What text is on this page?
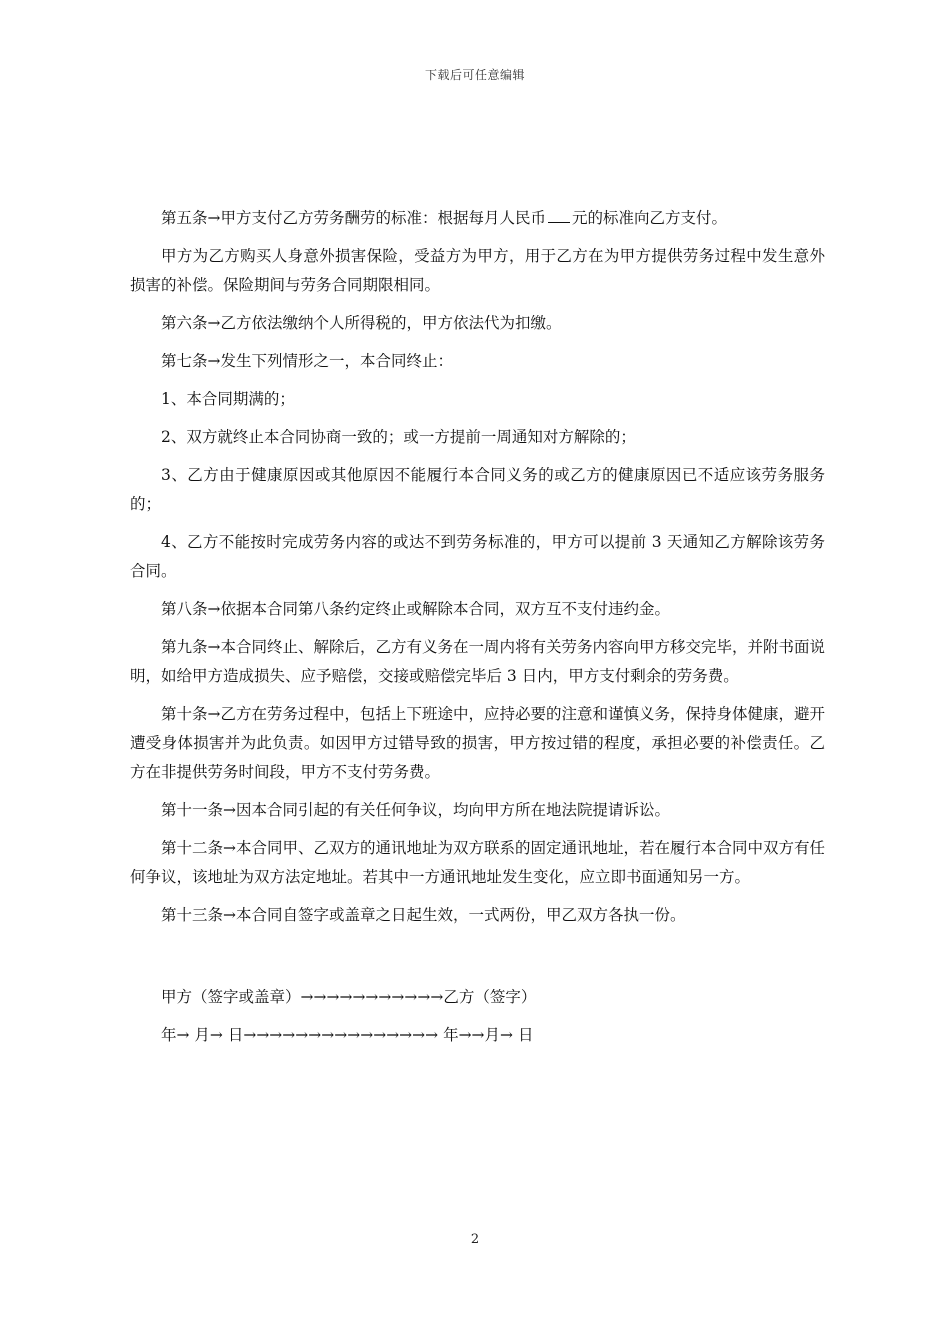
下载后可任意编辑

第五条→甲方支付乙方劳务酬劳的标准：根据每月人民币 元的标准向乙方支付。

甲方为乙方购买人身意外损害保险，受益方为甲方，用于乙方在为甲方提供劳务过程中发生意外损害的补偿。保险期间与劳务合同期限相同。

第六条→乙方依法缴纳个人所得税的，甲方依法代为扣缴。

第七条→发生下列情形之一，本合同终止：

1、本合同期满的；

2、双方就终止本合同协商一致的；或一方提前一周通知对方解除的；

3、乙方由于健康原因或其他原因不能履行本合同义务的或乙方的健康原因已不适应该劳务服务的；

4、乙方不能按时完成劳务内容的或达不到劳务标准的，甲方可以提前 3 天通知乙方解除该劳务合同。

第八条→依据本合同第八条约定终止或解除本合同，双方互不支付违约金。

第九条→本合同终止、解除后，乙方有义务在一周内将有关劳务内容向甲方移交完毕，并附书面说明，如给甲方造成损失、应予赔偿，交接或赔偿完毕后 3 日内，甲方支付剩余的劳务费。

第十条→乙方在劳务过程中，包括上下班途中，应持必要的注意和谨慎义务，保持身体健康，避开遭受身体损害并为此负责。如因甲方过错导致的损害，甲方按过错的程度，承担必要的补偿责任。乙方在非提供劳务时间段，甲方不支付劳务费。

第十一条→因本合同引起的有关任何争议，均向甲方所在地法院提请诉讼。

第十二条→本合同甲、乙双方的通讯地址为双方联系的固定通讯地址，若在履行本合同中双方有任何争议，该地址为双方法定地址。若其中一方通讯地址发生变化，应立即书面通知另一方。

第十三条→本合同自签字或盖章之日起生效，一式两份，甲乙双方各执一份。

甲方（签字或盖章）→→→→→→→→→→→乙方（签字）

年→ 月→ 日→→→→→→→→→→→→→→→ 年→→月→ 日

2
